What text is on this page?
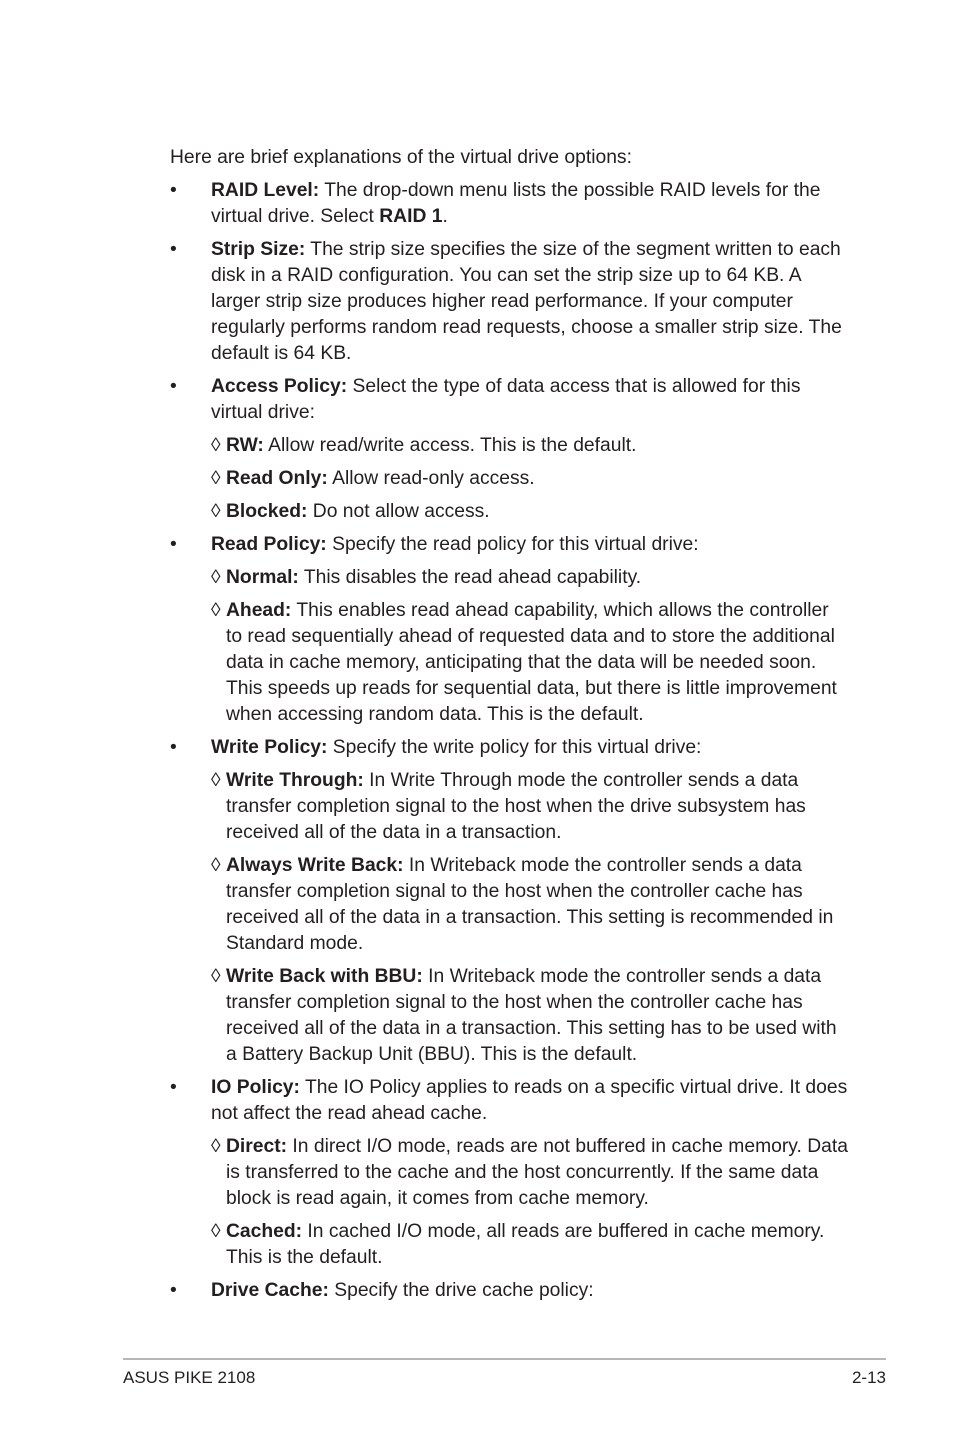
Here are brief explanations of the virtual drive options:

• RAID Level: The drop-down menu lists the possible RAID levels for the virtual drive. Select RAID 1.
• Strip Size: The strip size specifies the size of the segment written to each disk in a RAID configuration. You can set the strip size up to 64 KB. A larger strip size produces higher read performance. If your computer regularly performs random read requests, choose a smaller strip size. The default is 64 KB.
• Access Policy: Select the type of data access that is allowed for this virtual drive:
◊ RW: Allow read/write access. This is the default.
◊ Read Only: Allow read-only access.
◊ Blocked: Do not allow access.
• Read Policy: Specify the read policy for this virtual drive:
◊ Normal: This disables the read ahead capability.
◊ Ahead: This enables read ahead capability, which allows the controller to read sequentially ahead of requested data and to store the additional data in cache memory, anticipating that the data will be needed soon. This speeds up reads for sequential data, but there is little improvement when accessing random data. This is the default.
• Write Policy: Specify the write policy for this virtual drive:
◊ Write Through: In Write Through mode the controller sends a data transfer completion signal to the host when the drive subsystem has received all of the data in a transaction.
◊ Always Write Back: In Writeback mode the controller sends a data transfer completion signal to the host when the controller cache has received all of the data in a transaction. This setting is recommended in Standard mode.
◊ Write Back with BBU: In Writeback mode the controller sends a data transfer completion signal to the host when the controller cache has received all of the data in a transaction. This setting has to be used with a Battery Backup Unit (BBU). This is the default.
• IO Policy: The IO Policy applies to reads on a specific virtual drive. It does not affect the read ahead cache.
◊ Direct: In direct I/O mode, reads are not buffered in cache memory. Data is transferred to the cache and the host concurrently. If the same data block is read again, it comes from cache memory.
◊ Cached: In cached I/O mode, all reads are buffered in cache memory. This is the default.
• Drive Cache: Specify the drive cache policy:
ASUS PIKE 2108	2-13
